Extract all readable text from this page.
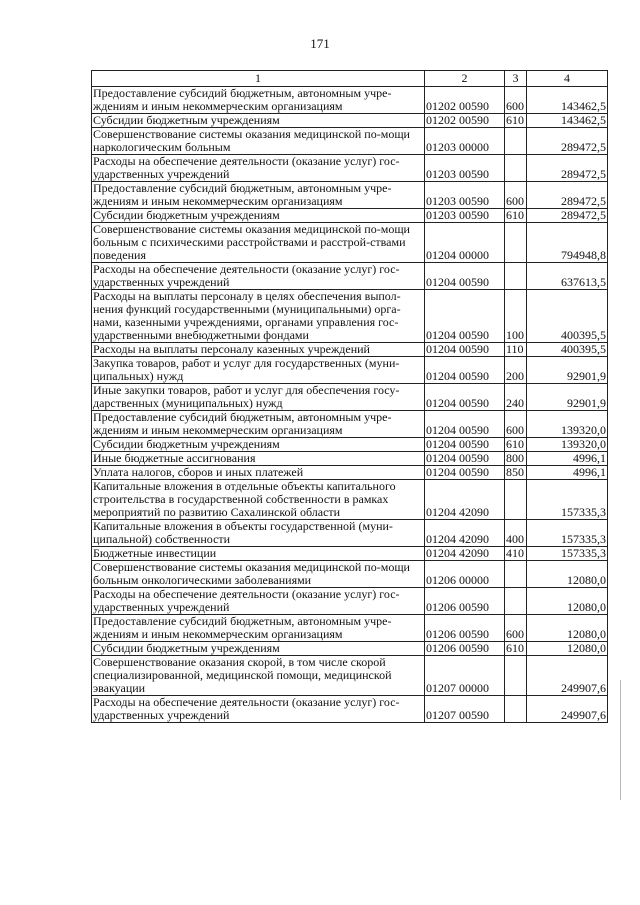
171
1	2	3	4
Предоставление субсидий бюджетным, автономным учре-ждениям и иным некоммерческим организациям	01202 00590	600	143462,5
Субсидии бюджетным учреждениям	01202 00590	610	143462,5
Совершенствование системы оказания медицинской по-мощи наркологическим больным	01203 00000		289472,5
Расходы на обеспечение деятельности (оказание услуг) гос-ударственных учреждений	01203 00590		289472,5
Предоставление субсидий бюджетным, автономным учре-ждениям и иным некоммерческим организациям	01203 00590	600	289472,5
Субсидии бюджетным учреждениям	01203 00590	610	289472,5
Совершенствование системы оказания медицинской по-мощи больным с психическими расстройствами и расстрой-ствами поведения	01204 00000		794948,8
Расходы на обеспечение деятельности (оказание услуг) гос-ударственных учреждений	01204 00590		637613,5
Расходы на выплаты персоналу в целях обеспечения выпол-нения функций государственными (муниципальными) орга-нами, казенными учреждениями, органами управления гос-ударственными внебюджетными фондами	01204 00590	100	400395,5
Расходы на выплаты персоналу казенных учреждений	01204 00590	110	400395,5
Закупка товаров, работ и услуг для государственных (муни-ципальных) нужд	01204 00590	200	92901,9
Иные закупки товаров, работ и услуг для обеспечения госу-дарственных (муниципальных) нужд	01204 00590	240	92901,9
Предоставление субсидий бюджетным, автономным учре-ждениям и иным некоммерческим организациям	01204 00590	600	139320,0
Субсидии бюджетным учреждениям	01204 00590	610	139320,0
Иные бюджетные ассигнования	01204 00590	800	4996,1
Уплата налогов, сборов и иных платежей	01204 00590	850	4996,1
Капитальные вложения в отдельные объекты капитального строительства в государственной собственности в рамках мероприятий по развитию Сахалинской области	01204 42090		157335,3
Капитальные вложения в объекты государственной (муни-ципальной) собственности	01204 42090	400	157335,3
Бюджетные инвестиции	01204 42090	410	157335,3
Совершенствование системы оказания медицинской по-мощи больным онкологическими заболеваниями	01206 00000		12080,0
Расходы на обеспечение деятельности (оказание услуг) гос-ударственных учреждений	01206 00590		12080,0
Предоставление субсидий бюджетным, автономным учре-ждениям и иным некоммерческим организациям	01206 00590	600	12080,0
Субсидии бюджетным учреждениям	01206 00590	610	12080,0
Совершенствование оказания скорой, в том числе скорой специализированной, медицинской помощи, медицинской эвакуации	01207 00000		249907,6
Расходы на обеспечение деятельности (оказание услуг) гос-ударственных учреждений	01207 00590		249907,6
